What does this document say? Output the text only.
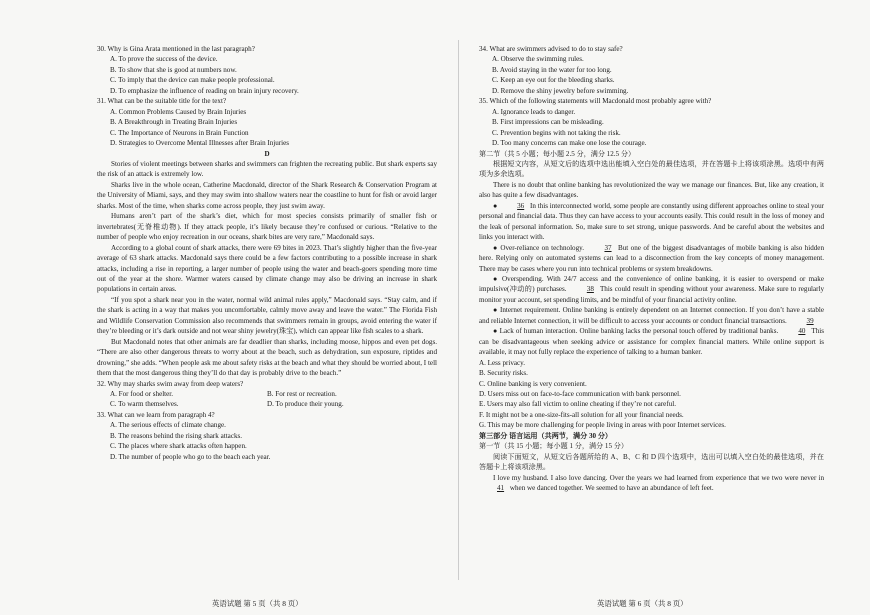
30. Why is Gina Arata mentioned in the last paragraph?

A. To prove the success of the device.

B. To show that she is good at numbers now.

C. To imply that the device can make people professional.

D. To emphasize the influence of reading on brain injury recovery.

31. What can be the suitable title for the text?

A. Common Problems Caused by Brain Injuries

B. A Breakthrough in Treating Brain Injuries

C. The Importance of Neurons in Brain Function

D. Strategies to Overcome Mental Illnesses after Brain Injuries

D

Stories of violent meetings between sharks and swimmers can frighten the recreating public. But shark experts say the risk of an attack is extremely low.

Sharks live in the whole ocean, Catherine Macdonald, director of the Shark Research & Conservation Program at the University of Miami, says, and they may swim into shallow waters near the coastline to hunt for fish or avoid larger sharks. Most of the time, when sharks come across people, they just swim away.

Humans aren’t part of the shark’s diet, which for most species consists primarily of smaller fish or invertebrates(无脊椎动物). If they attack people, it’s likely because they’re confused or curious. “Relative to the number of people who enjoy recreation in our oceans, shark bites are very rare,” Macdonald says.

According to a global count of shark attacks, there were 69 bites in 2023. That’s slightly higher than the five-year average of 63 shark attacks. Macdonald says there could be a few factors contributing to a possible increase in shark attacks, including a rise in reporting, a larger number of people using the water and beach-goers spending more time out of the year at the shore. Warmer waters caused by climate change may also be driving an increase in shark populations in certain areas.

“If you spot a shark near you in the water, normal wild animal rules apply,” Macdonald says. “Stay calm, and if the shark is acting in a way that makes you uncomfortable, calmly move away and leave the water.” The Florida Fish and Wildlife Conservation Commission also recommends that swimmers remain in groups, avoid entering the water if they’re bleeding or it’s dark outside and not wear shiny jewelry(珠宝), which can appear like fish scales to a shark.

But Macdonald notes that other animals are far deadlier than sharks, including moose, hippos and even pet dogs. “There are also other dangerous threats to worry about at the beach, such as dehydration, sun exposure, riptides and drowning,” she adds. “When people ask me about safety risks at the beach and what they should be worried about, I tell them that the most dangerous thing they’ll do that day is probably drive to the beach.”

32. Why may sharks swim away from deep waters?

A. For food or shelter.	B. For rest or recreation.
C. To warm themselves.	D. To produce their young.

33. What can we learn from paragraph 4?

A. The serious effects of climate change.

B. The reasons behind the rising shark attacks.

C. The places where shark attacks often happen.

D. The number of people who go to the beach each year.

34. What are swimmers advised to do to stay safe?

A. Observe the swimming rules.

B. Avoid staying in the water for too long.

C. Keep an eye out for the bleeding sharks.

D. Remove the shiny jewelry before swimming.

35. Which of the following statements will Macdonald most probably agree with?

A. Ignorance leads to danger.

B. First impressions can be misleading.

C. Prevention begins with not taking the risk.

D. Too many concerns can make one lose the courage.

第二节（共 5 小题；每小题 2.5 分，满分 12.5 分）

根据短文内容，从短文后的选项中选出能填入空白处的最佳选项，并在答题卡上将该项涂黑。选项中有两项为多余选项。

There is no doubt that online banking has revolutionized the way we manage our finances. But, like any creation, it also has quite a few disadvantages.

●	36 In this interconnected world, some people are constantly using different approaches online to steal your personal and financial data. Thus they can have access to your accounts easily. This could result in the loss of money and the leak of personal information. So, make sure to set strong, unique passwords. And be careful about the websites and links you interact with.

● Over-reliance on technology.	37 But one of the biggest disadvantages of mobile banking is also hidden here. Relying only on automated systems can lead to a disconnection from the key concepts of money management. There may be cases where you run into technical problems or system breakdowns.

● Overspending. With 24/7 access and the convenience of online banking, it is easier to overspend or make impulsive(冲动的) purchases.	38 This could result in spending without your awareness. Make sure to regularly monitor your account, set spending limits, and be mindful of your financial activity online.

● Internet requirement. Online banking is entirely dependent on an Internet connection. If you don’t have a stable and reliable Internet connection, it will be difficult to access your accounts or conduct financial transactions.	39

● Lack of human interaction. Online banking lacks the personal touch offered by traditional banks.	40 This can be disadvantageous when seeking advice or assistance for complex financial matters. While online support is available, it may not fully replace the experience of talking to a human banker.

A. Less privacy.

B. Security risks.

C. Online banking is very convenient.

D. Users miss out on face-to-face communication with bank personnel.

E. Users may also fall victim to online cheating if they’re not careful.

F. It might not be a one-size-fits-all solution for all your financial needs.

G. This may be more challenging for people living in areas with poor Internet services.

第三部分 语言运用（共两节，满分 30 分）

第一节（共 15 小题；每小题 1 分，满分 15 分）

阅读下面短文，从短文后各题所给的 A、B、C 和 D 四个选项中，选出可以填入空白处的最佳选项，并在答题卡上将该项涂黑。

I love my husband. I also love dancing. Over the years we had learned from experience that we two were never in 41 when we danced together. We seemed to have an abundance of left feet.

英语试题 第 5 页（共 8 页）	英语试题 第 6 页（共 8 页）
